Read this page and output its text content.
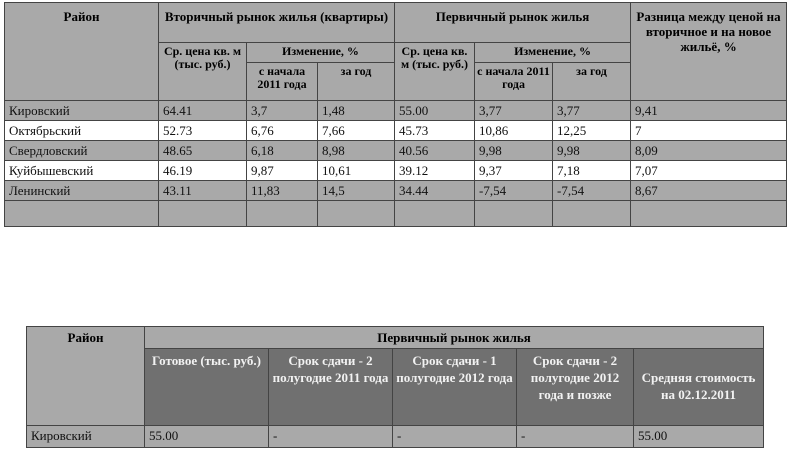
Район	Вторичный рынок жилья (квартиры)			Первичный рынок жилья			Разница между ценой на вторичное и на новое жильё, %
	Ср. цена кв. м (тыс. руб.)	Изменение, %		Ср. цена кв. м (тыс. руб.)	Изменение, %		
		с начала 2011 года	за год		с начала 2011 года	за год	
Кировский	64.41	3,7	1,48	55.00	3,77	3,77	9,41
Октябрьский	52.73	6,76	7,66	45.73	10,86	12,25	7
Свердловский	48.65	6,18	8,98	40.56	9,98	9,98	8,09
Куйбышевский	46.19	9,87	10,61	39.12	9,37	7,18	7,07
Ленинский	43.11	11,83	14,5	34.44	-7,54	-7,54	8,67

Район	Первичный рынок жилья				
	Готовое (тыс. руб.)	Срок сдачи - 2 полугодие 2011 года	Срок сдачи - 1 полугодие 2012 года	Срок сдачи - 2 полугодие 2012 года и позже	Средняя стоимость на 02.12.2011
Кировский	55.00	-	-	-	55.00
